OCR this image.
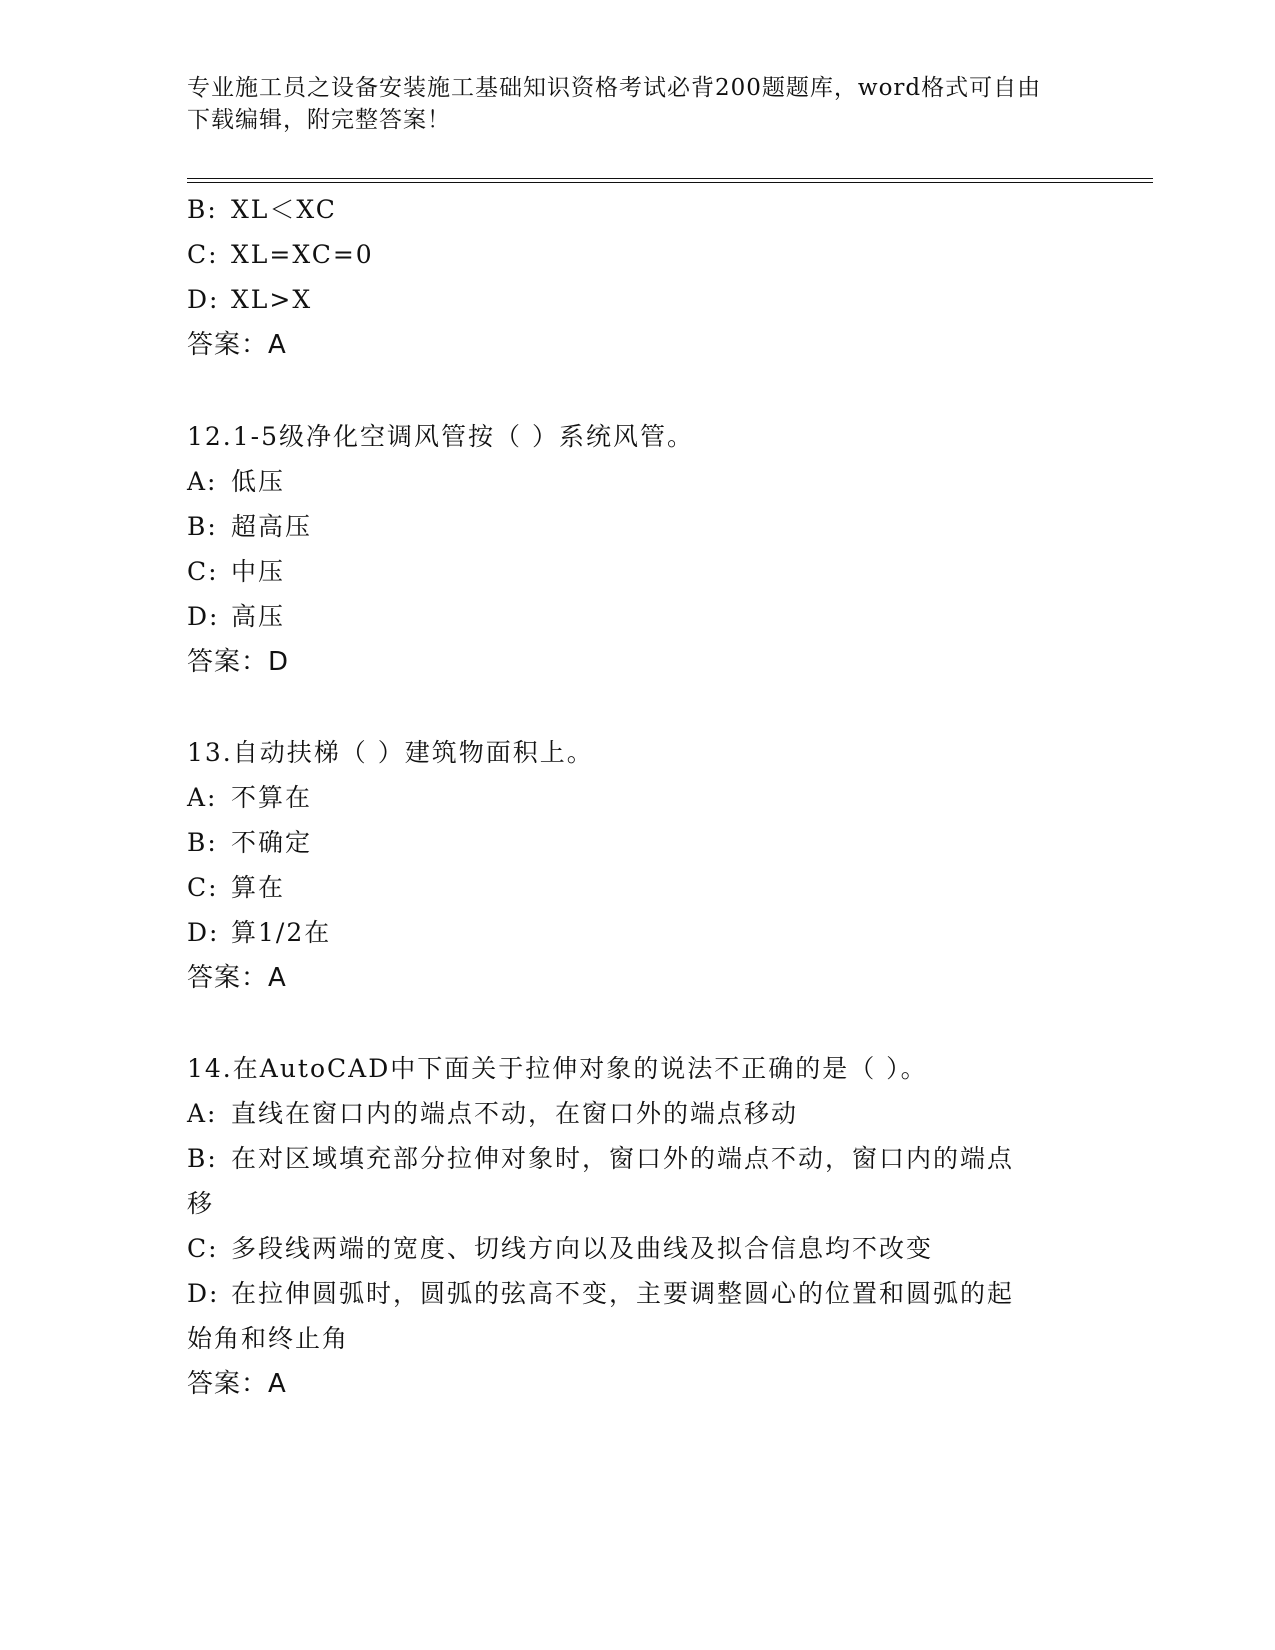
专业施工员之设备安装施工基础知识资格考试必背200题题库，word格式可自由
下载编辑，附完整答案！
B: XL＜XC
C: XL=XC=0
D: XL>X
答案：A
12.1-5级净化空调风管按（ ）系统风管。
A: 低压
B: 超高压
C: 中压
D: 高压
答案：D
13.自动扶梯（ ）建筑物面积上。
A: 不算在
B: 不确定
C: 算在
D: 算1/2在
答案：A
14.在AutoCAD中下面关于拉伸对象的说法不正确的是（ ）。
A: 直线在窗口内的端点不动，在窗口外的端点移动
B: 在对区域填充部分拉伸对象时，窗口外的端点不动，窗口内的端点
移
C: 多段线两端的宽度、切线方向以及曲线及拟合信息均不改变
D: 在拉伸圆弧时，圆弧的弦高不变，主要调整圆心的位置和圆弧的起
始角和终止角
答案：A
